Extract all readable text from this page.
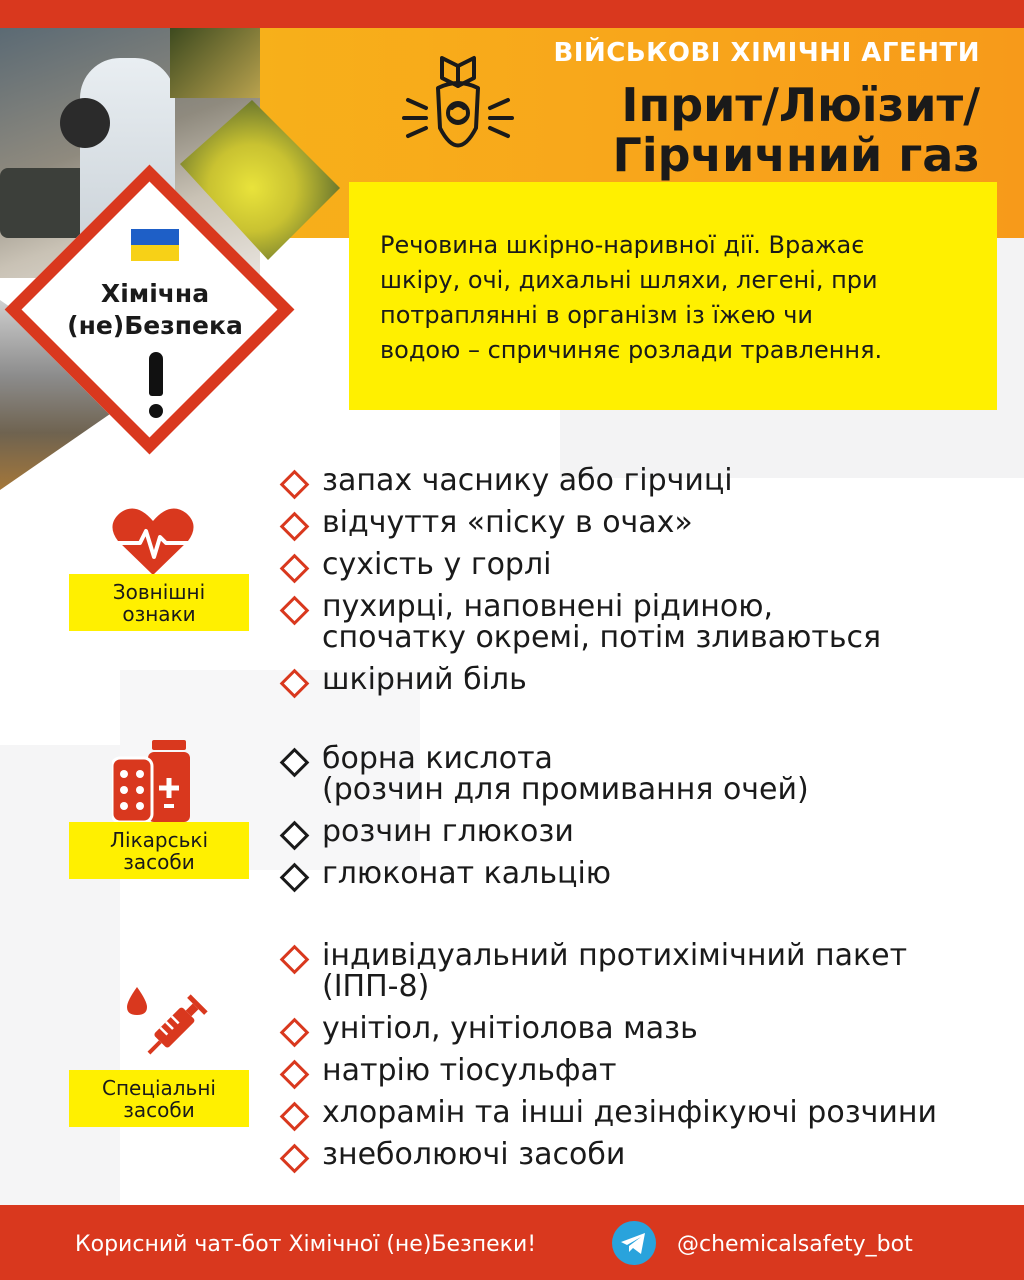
Хімічна
(не)Безпека
ВІЙСЬКОВІ ХІМІЧНІ АГЕНТИ
Іприт/Люїзит/
Гірчичний газ
Речовина шкірно-наривної дії. Вражає
шкіру, очі, дихальні шляхи, легені, при
потраплянні в організм із їжею чи
водою – спричиняє розлади травлення.
Зовнішні
ознаки
запах часнику або гірчиці
відчуття «піску в очах»
сухість у горлі
пухирці, наповнені рідиною,
спочатку окремі, потім зливаються
шкірний біль
Лікарські
засоби
борна кислота
(розчин для промивання очей)
розчин глюкози
глюконат кальцію
Спеціальні
засоби
індивідуальний протихімічний пакет
(ІПП-8)
унітіол, унітіолова мазь
натрію тіосульфат
хлорамін та інші дезінфікуючі розчини
знеболюючі засоби
Корисний чат-бот Хімічної (не)Безпеки!	@chemicalsafety_bot
